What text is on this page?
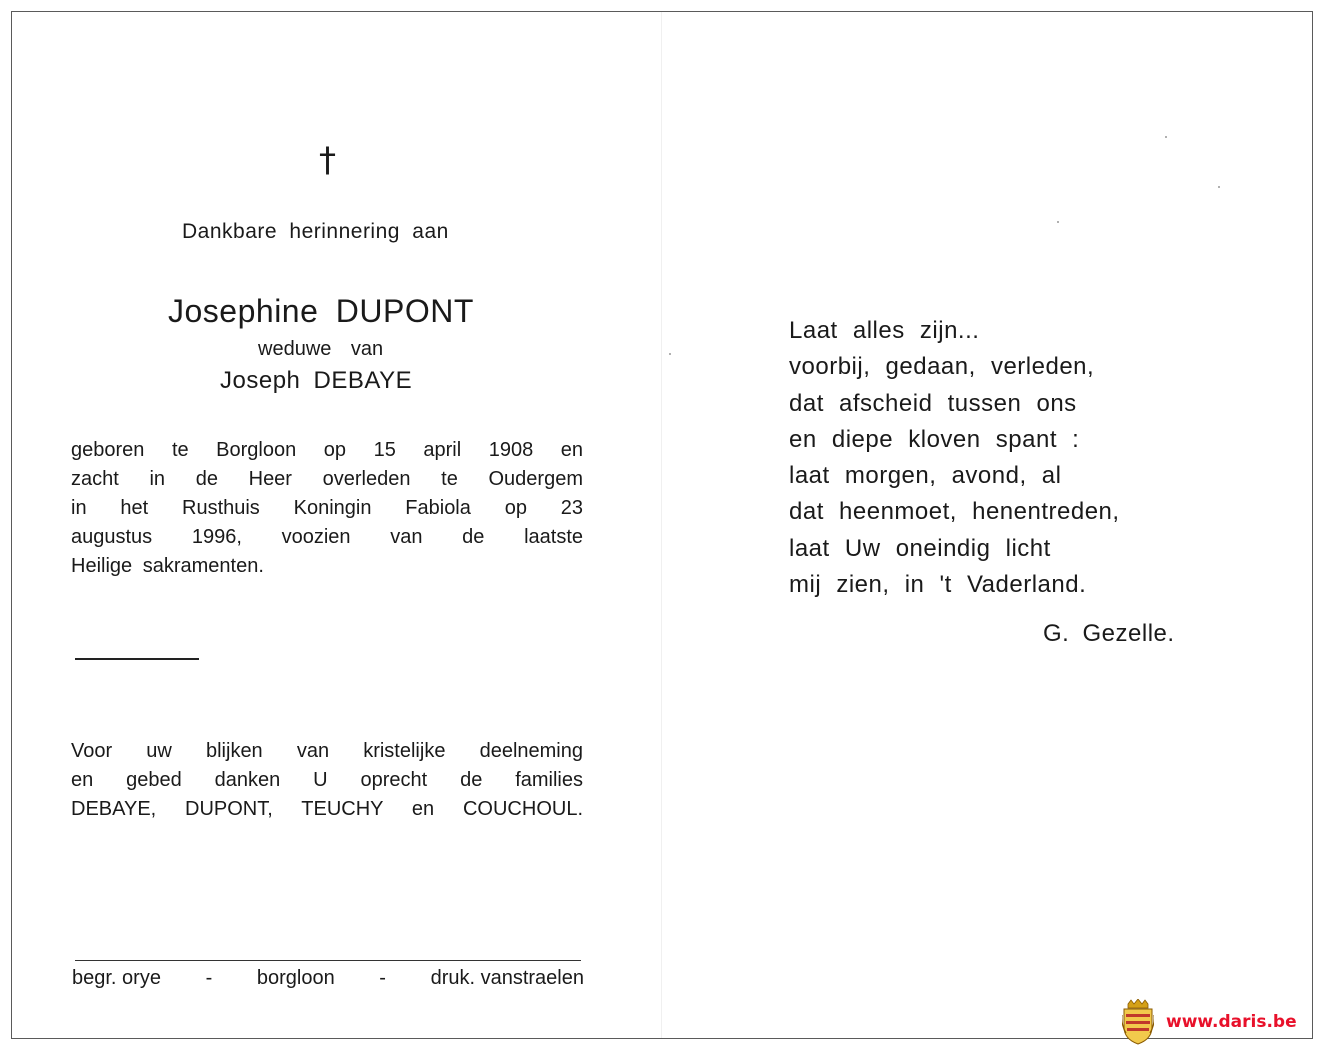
†
Dankbare herinnering aan
Josephine DUPONT
weduwe van
Joseph DEBAYE
geboren te Borgloon op 15 april 1908 en
zacht in de Heer overleden te Oudergem
in het Rusthuis Koningin Fabiola op 23
augustus 1996, voozien van de laatste
Heilige sakramenten.
Voor uw blijken van kristelijke deelneming
en gebed danken U oprecht de families
DEBAYE, DUPONT, TEUCHY en COUCHOUL.
begr. orye - borgloon - druk. vanstraelen
Laat alles zijn...
voorbij, gedaan, verleden,
dat afscheid tussen ons
en diepe kloven spant :
laat morgen, avond, al
dat heenmoet, henentreden,
laat Uw oneindig licht
mij zien, in 't Vaderland.
G. Gezelle.
www.daris.be
